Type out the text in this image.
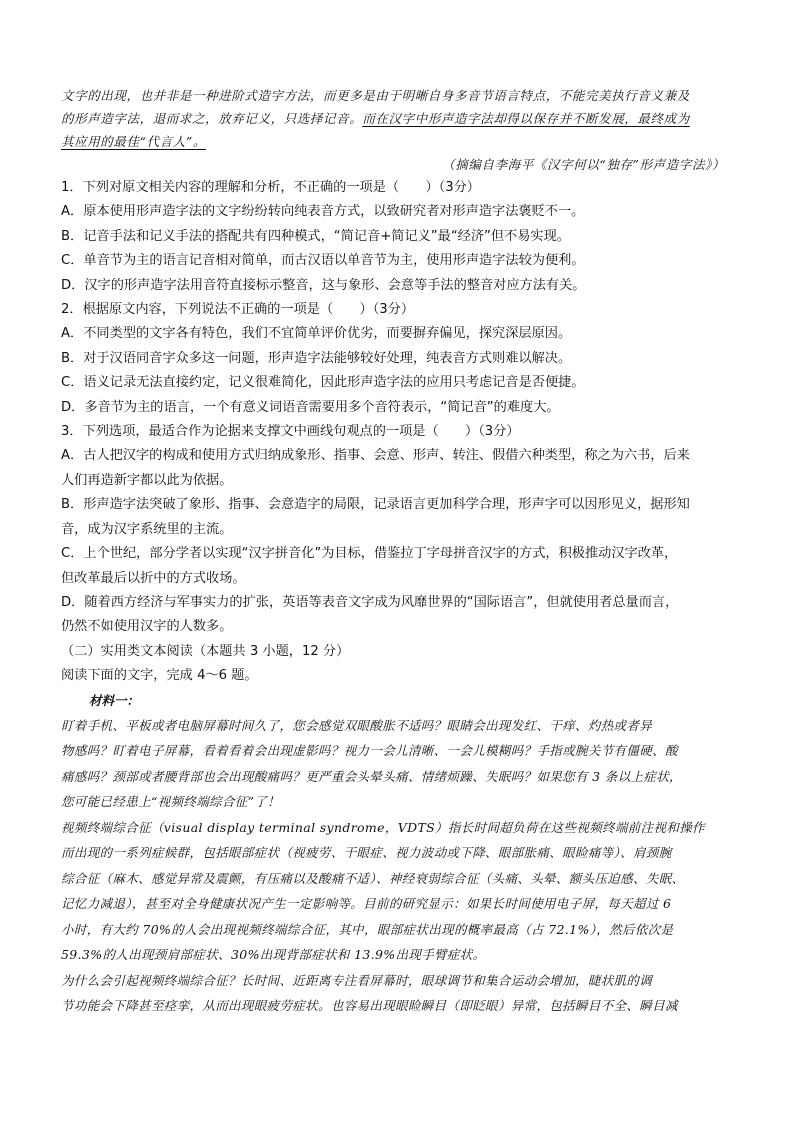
文字的出现，也并非是一种进阶式造字方法，而更多是由于明晰自身多音节语言特点，不能完美执行音义兼及
的形声造字法，退而求之，放弃记义，只选择记音。而在汉字中形声造字法却得以保存并不断发展，最终成为
其应用的最佳“代言人”。
（摘编自李海平《汉字何以“独存”形声造字法》）
1．下列对原文相关内容的理解和分析，不正确的一项是（　　）（3分）
A．原本使用形声造字法的文字纷纷转向纯表音方式，以致研究者对形声造字法褒贬不一。
B．记音手法和记义手法的搭配共有四种模式，“简记音+简记义”最“经济”但不易实现。
C．单音节为主的语言记音相对简单，而古汉语以单音节为主，使用形声造字法较为便利。
D．汉字的形声造字法用音符直接标示整音，这与象形、会意等手法的整音对应方法有关。
2．根据原文内容，下列说法不正确的一项是（　　）（3分）
A．不同类型的文字各有特色，我们不宜简单评价优劣，而要摒弃偏见，探究深层原因。
B．对于汉语同音字众多这一问题，形声造字法能够较好处理，纯表音方式则难以解决。
C．语义记录无法直接约定，记义很难简化，因此形声造字法的应用只考虑记音是否便捷。
D．多音节为主的语言，一个有意义词语音需要用多个音符表示，“简记音”的难度大。
3．下列选项，最适合作为论据来支撑文中画线句观点的一项是（　　）（3分）
A．古人把汉字的构成和使用方式归纳成象形、指事、会意、形声、转注、假借六种类型，称之为六书，后来
人们再造新字都以此为依据。
B．形声造字法突破了象形、指事、会意造字的局限，记录语言更加科学合理，形声字可以因形见义，据形知
音，成为汉字系统里的主流。
C．上个世纪，部分学者以实现“汉字拼音化”为目标，借鉴拉丁字母拼音汉字的方式，积极推动汉字改革，
但改革最后以折中的方式收场。
D．随着西方经济与军事实力的扩张，英语等表音文字成为风靡世界的“国际语言”，但就使用者总量而言，
仍然不如使用汉字的人数多。
（二）实用类文本阅读（本题共 3 小题，12 分）
阅读下面的文字，完成 4～6 题。
材料一：
盯着手机、平板或者电脑屏幕时间久了，您会感觉双眼酸胀不适吗？眼睛会出现发红、干痒、灼热或者异
物感吗？盯着电子屏幕，看着看着会出现虚影吗？视力一会儿清晰、一会儿模糊吗？手指或腕关节有僵硬、酸
痛感吗？颈部或者腰背部也会出现酸痛吗？更严重会头晕头痛、情绪烦躁、失眠吗？如果您有 3 条以上症状，
您可能已经患上“视频终端综合征”了！
视频终端综合征（visual display terminal syndrome，VDTS）指长时间超负荷在这些视频终端前注视和操作
而出现的一系列症候群，包括眼部症状（视疲劳、干眼症、视力波动或下降、眼部胀痛、眼睑痛等）、肩颈腕
综合征（麻木、感觉异常及震颤，有压痛以及酸痛不适）、神经衰弱综合征（头痛、头晕、额头压迫感、失眠、
记忆力减退），甚至对全身健康状况产生一定影响等。目前的研究显示：如果长时间使用电子屏，每天超过 6
小时，有大约 70%的人会出现视频终端综合征，其中，眼部症状出现的概率最高（占 72.1%），然后依次是
59.3%的人出现颈肩部症状、30%出现背部症状和 13.9%出现手臂症状。
为什么会引起视频终端综合征？长时间、近距离专注看屏幕时，眼球调节和集合运动会增加，睫状肌的调
节功能会下降甚至痉挛，从而出现眼疲劳症状。也容易出现眼睑瞬目（即眨眼）异常，包括瞬目不全、瞬目减
